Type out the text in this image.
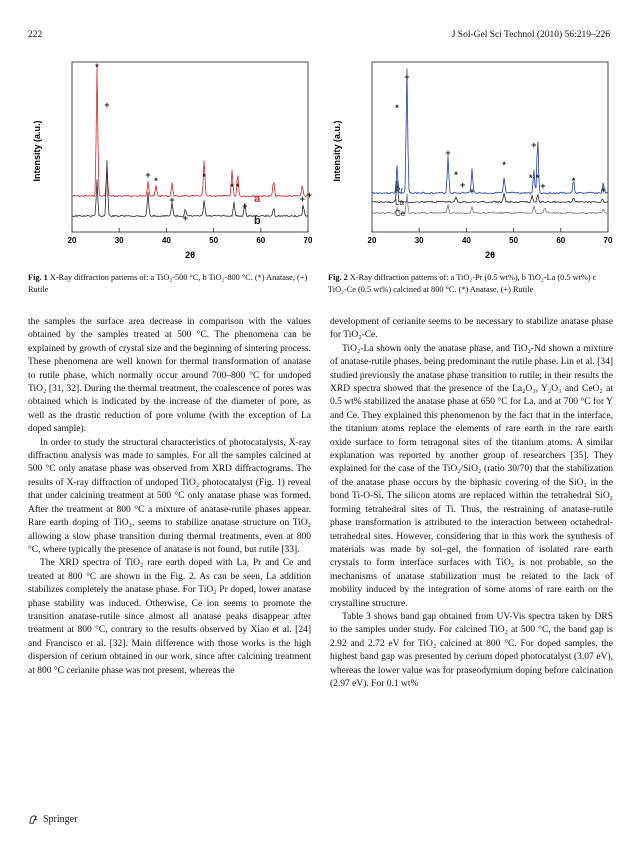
222	J Sol-Gel Sci Technol (2010) 56:219–226
Intensity (a.u.)
20	30	40	50	60	70
2θ
a
b
*
+
+
*
+
+
*
* *
+
+ +
Intensity (a.u.)
20	30	40	50	60	70
2θ
Pr
La
Ce
+
*
+
*
+
+
*
+
* *
+	*
+
Fig. 1 X-Ray diffraction patterns of: a TiO₂-500 °C, b TiO₂-800 °C. (*) Anatase, (+) Rutile
Fig. 2 X-Ray diffraction patterns of: a TiO₂-Pr (0.5 wt%), b TiO₂-La (0.5 wt%) c TiO₂-Ce (0.5 wt%) calcined at 800 °C. (*) Anatase, (+) Rutile

the samples the surface area decrease in comparison with the values obtained by the samples treated at 500 °C. The phenomena can be explained by growth of crystal size and the beginning of sintering process. These phenomena are well known for thermal transformation of anatase to rutile phase, which normally occur around 700–800 °C for undoped TiO₂ [31, 32]. During the thermal treatment, the coalescence of pores was obtained which is indicated by the increase of the diameter of pore, as well as the drastic reduction of pore volume (with the exception of La doped sample).

In order to study the structural characteristics of photocatalysts, X-ray diffraction analysis was made to samples. For all the samples calcined at 500 °C only anatase phase was observed from XRD diffractograms. The results of X-ray diffraction of undoped TiO₂ photocatalyst (Fig. 1) reveal that under calcining treatment at 500 °C only anatase phase was formed. After the treatment at 800 °C a mixture of anatase-rutile phases appear. Rare earth doping of TiO₂, seems to stabilize anatase structure on TiO₂ allowing a slow phase transition during thermal treatments, even at 800 °C, where typically the presence of anatase is not found, but rutile [33].

The XRD spectra of TiO₂ rare earth doped with La, Pr and Ce and treated at 800 °C are shown in the Fig. 2. As can be seen, La addition stabilizes completely the anatase phase. For TiO₂ Pr doped, lower anatase phase stability was induced. Otherwise, Ce ion seems to promote the transition anatase-rutile since almost all anatase peaks disappear after treatment at 800 °C, contrary to the results observed by Xiao et al. [24] and Francisco et al. [32]. Main difference with those works is the high dispersion of cerium obtained in our work, since after calcining treatment at 800 °C cerianite phase was not present, whereas the

development of cerianite seems to be necessary to stabilize anatase phase for TiO₂-Ce.

TiO₂-La shown only the anatase phase, and TiO₂-Nd shown a mixture of anatase-rutile phases, being predominant the rutile phase. Lin et al. [34] studied previously the anatase phase transition to rutile; in their results the XRD spectra showed that the presence of the La₂O₃, Y₂O₃ and CeO₂ at 0.5 wt% stabilized the anatase phase at 650 °C for La, and at 700 °C for Y and Ce. They explained this phenomenon by the fact that in the interface, the titanium atoms replace the elements of rare earth in the rare earth oxide surface to form tetragonal sites of the titanium atoms. A similar explanation was reported by another group of researchers [35]. They explained for the case of the TiO₂/SiO₂ (ratio 30/70) that the stabilization of the anatase phase occurs by the biphasic covering of the SiO₂ in the bond Ti-O-Si. The silicon atoms are replaced within the tetrahedral SiO₂ forming tetrahedral sites of Ti. Thus, the restraining of anatase-rutile phase transformation is attributed to the interaction between octahedral-tetrahedral sites. However, considering that in this work the synthesis of materials was made by sol–gel, the formation of isolated rare earth crystals to form interface surfaces with TiO₂ is not probable, so the mechanisms of anatase stabilization must be related to the lack of mobility induced by the integration of some atoms of rare earth on the crystalline structure.

Table 3 shows band gap obtained from UV-Vis spectra taken by DRS to the samples under study. For calcined TiO₂ at 500 °C, the band gap is 2.92 and 2.72 eV for TiO₂ calcined at 800 °C. For doped samples, the highest band gap was presented by cerium doped photocatalyst (3.07 eV), whereas the lower value was for praseodymium doping before calcination (2.97 eV). For 0.1 wt%

Springer
